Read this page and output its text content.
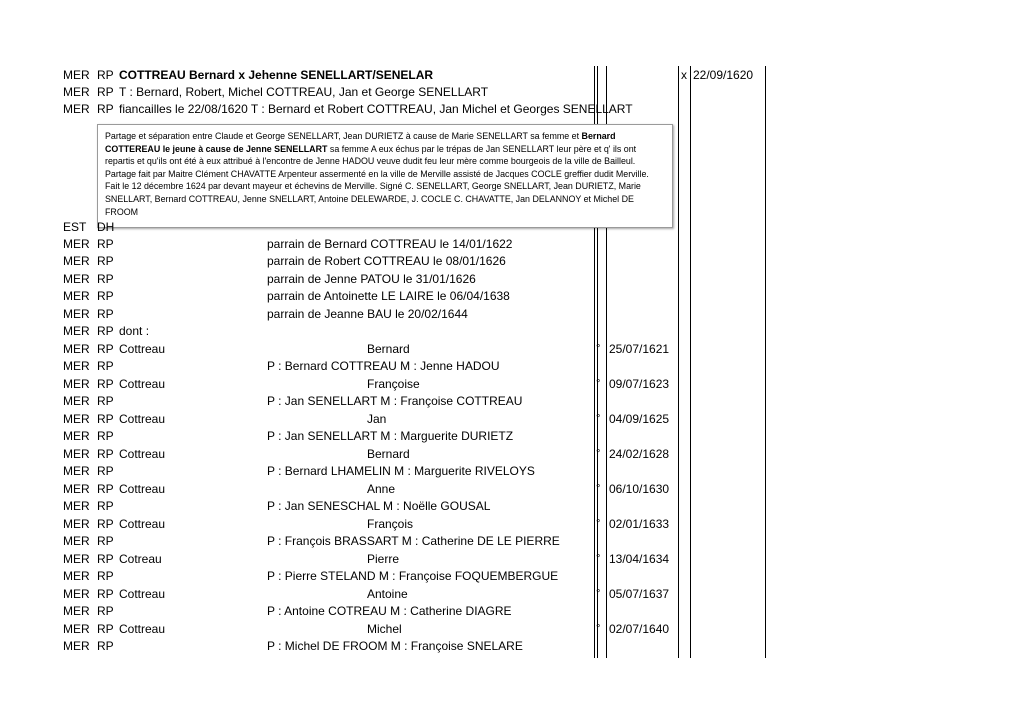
MER RP COTTREAU Bernard x Jehenne SENELLART/SENELAR	x 22/09/1620
MER RP T : Bernard, Robert, Michel COTTREAU, Jan et George SENELLART
MER RP fiancailles le 22/08/1620 T : Bernard et Robert COTTREAU, Jan Michel et Georges SENELLART
Partage et séparation entre Claude et George SENELLART, Jean DURIETZ à cause de Marie SENELLART sa femme et Bernard COTTEREAU le jeune à cause de Jenne SENELLART sa femme A eux échus par le trépas de Jan SENELLART leur père et q' ils ont repartis et qu'ils ont été à eux attribué à l'encontre de Jenne HADOU veuve dudit feu leur mère comme bourgeois de la ville de Bailleul. Partage fait par Maitre Clément CHAVATTE Arpenteur assermenté en la ville de Merville assisté de Jacques COCLE greffier dudit Merville. Fait le 12 décembre 1624 par devant mayeur et échevins de Merville. Signé C. SENELLART, George SNELLART, Jean DURIETZ, Marie SNELLART, Bernard COTTREAU, Jenne SNELLART, Antoine DELEWARDE, J. COCLE C. CHAVATTE, Jan DELANNOY et Michel DE FROOM
EST DH
MER RP	parrain de Bernard COTTREAU le 14/01/1622
MER RP	parrain de Robert COTTREAU le 08/01/1626
MER RP	parrain de Jenne PATOU le 31/01/1626
MER RP	parrain de Antoinette LE LAIRE le 06/04/1638
MER RP	parrain de Jeanne BAU le 20/02/1644
MER RP dont :
MER RP Cottreau	Bernard	° 25/07/1621
MER RP	P : Bernard COTTREAU M : Jenne HADOU
MER RP Cottreau	Françoise	° 09/07/1623
MER RP	P : Jan SENELLART M : Françoise COTTREAU
MER RP Cottreau	Jan	° 04/09/1625
MER RP	P : Jan SENELLART M : Marguerite DURIETZ
MER RP Cottreau	Bernard	° 24/02/1628
MER RP	P : Bernard LHAMELIN M : Marguerite RIVELOYS
MER RP Cottreau	Anne	° 06/10/1630
MER RP	P : Jan SENESCHAL M : Noëlle GOUSAL
MER RP Cottreau	François	° 02/01/1633
MER RP	P : François BRASSART M : Catherine DE LE PIERRE
MER RP Cotreau	Pierre	° 13/04/1634
MER RP	P : Pierre STELAND M : Françoise FOQUEMBERGUE
MER RP Cottreau	Antoine	° 05/07/1637
MER RP	P : Antoine COTREAU M : Catherine DIAGRE
MER RP Cottreau	Michel	° 02/07/1640
MER RP	P : Michel DE FROOM M : Françoise SNELARE
